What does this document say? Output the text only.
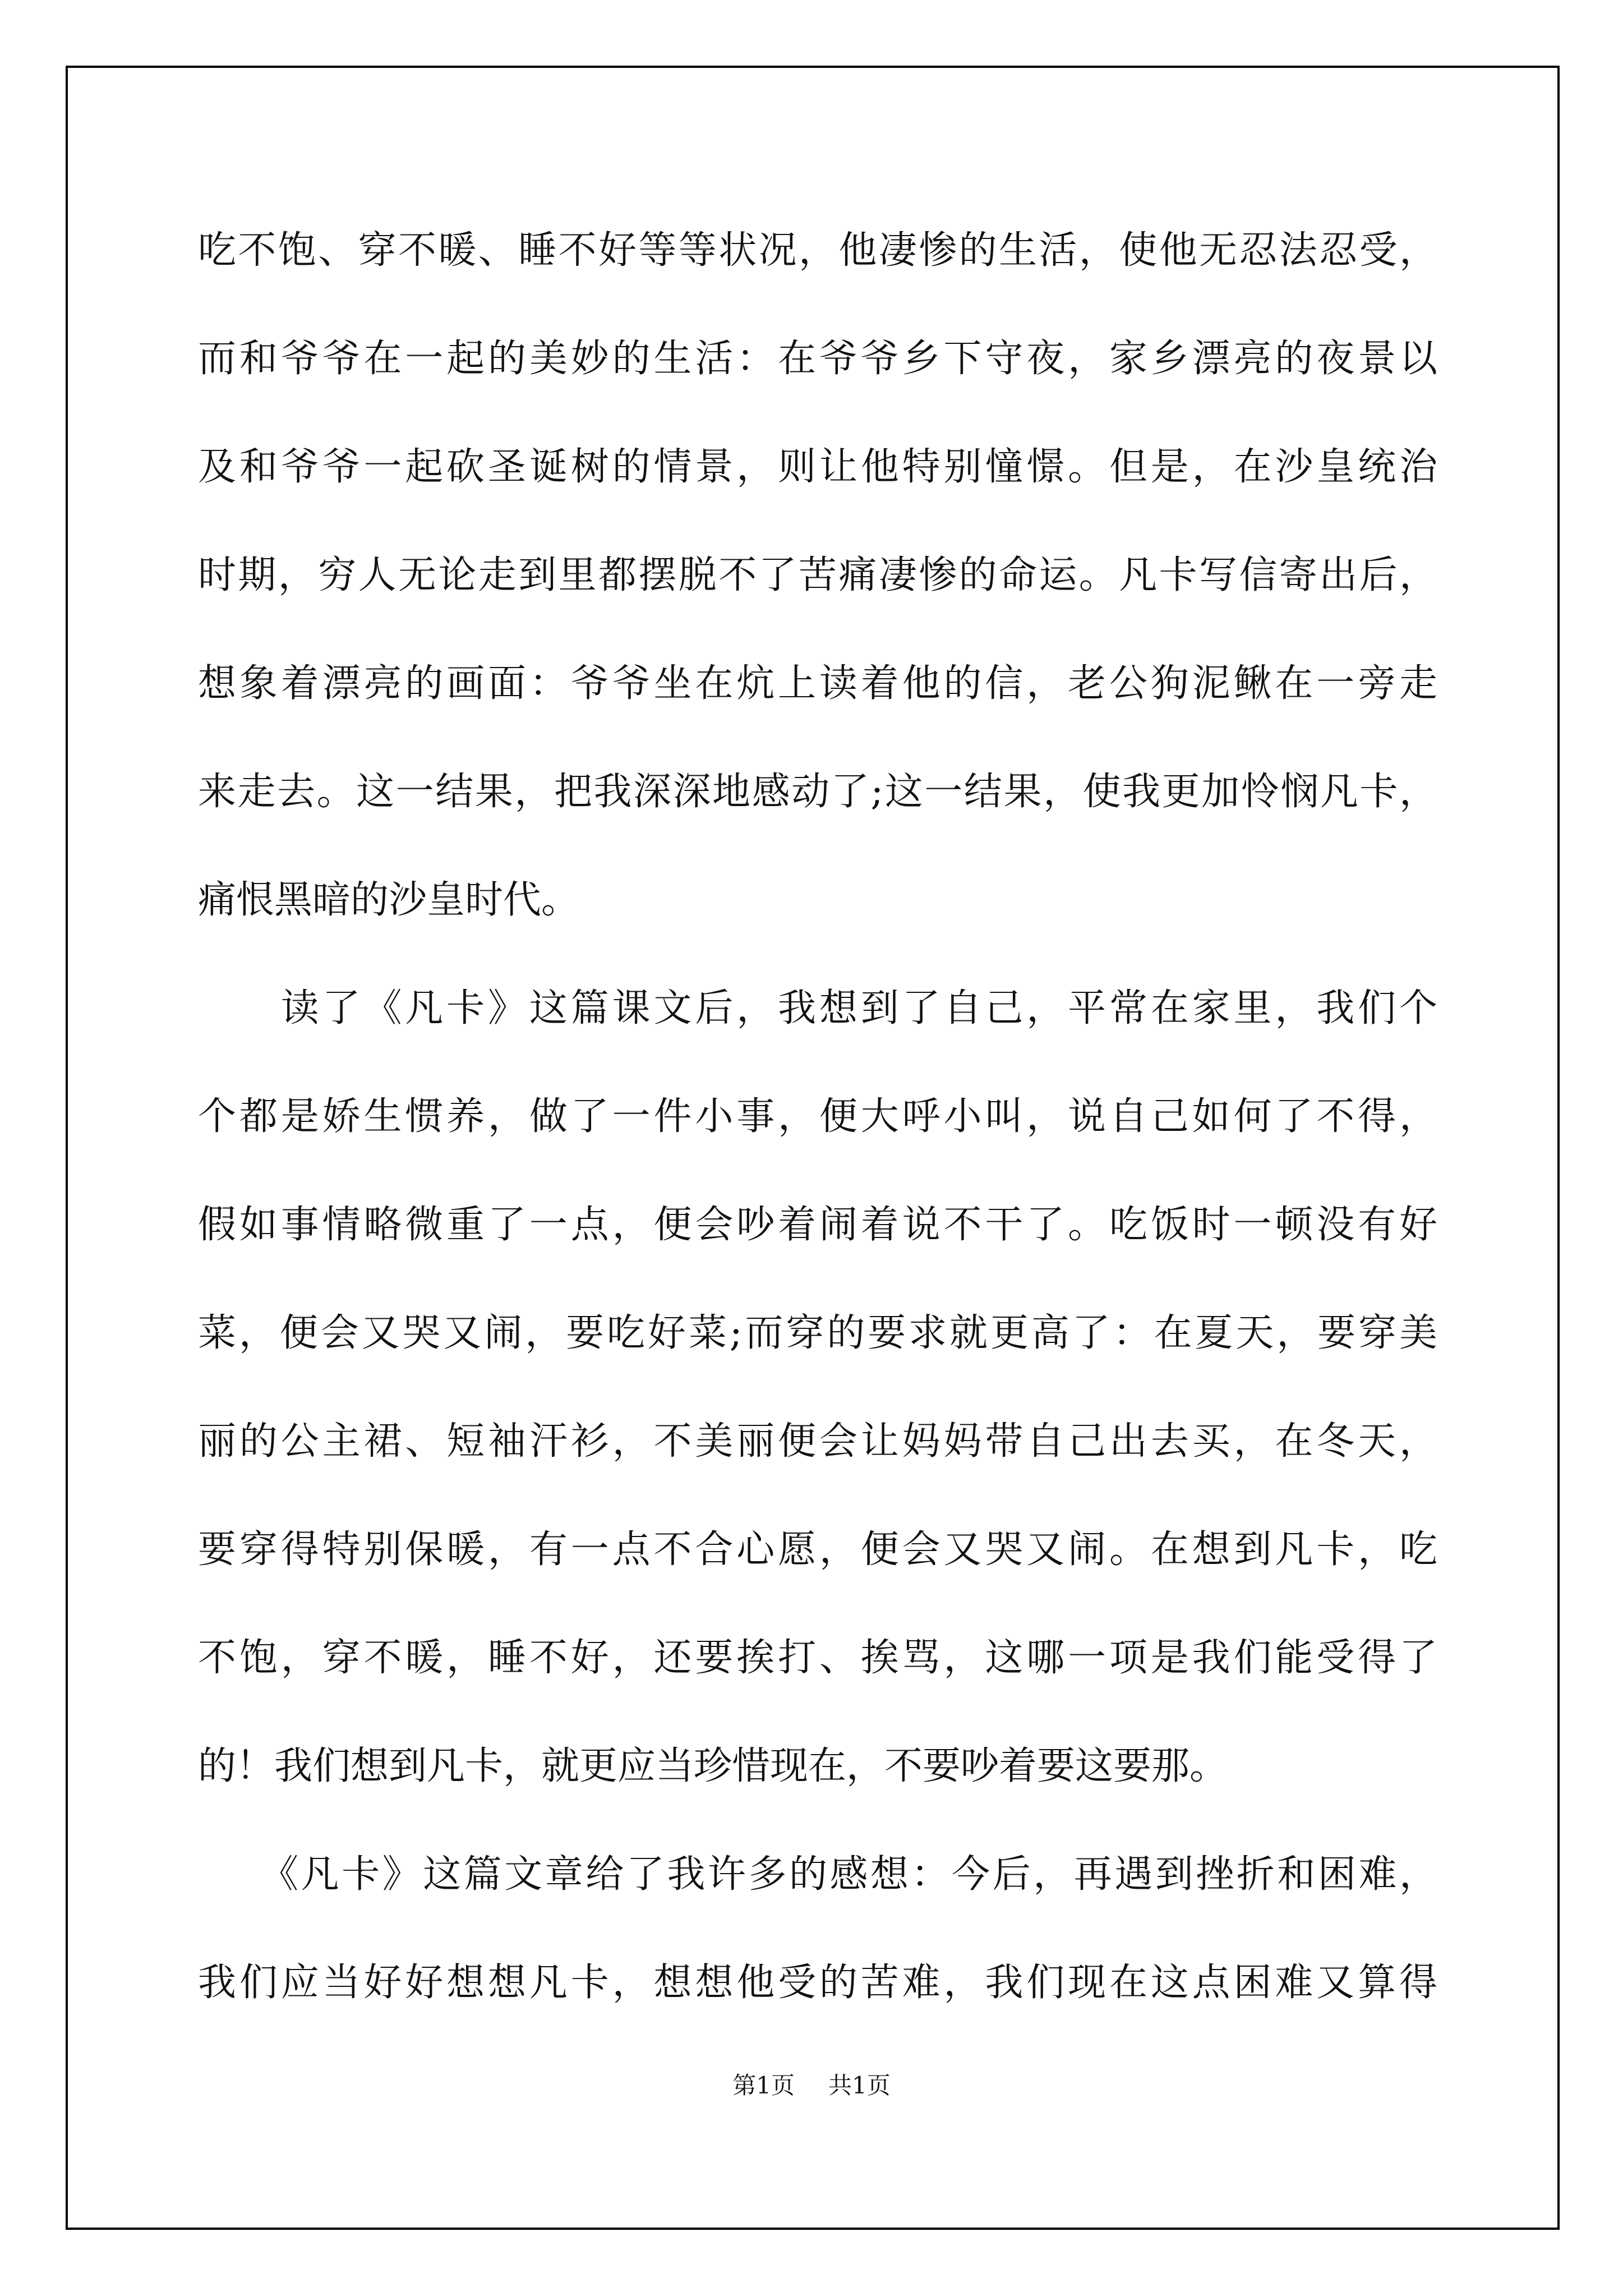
吃不饱、穿不暖、睡不好等等状况，他凄惨的生活，使他无忍法忍受，
而和爷爷在一起的美妙的生活：在爷爷乡下守夜，家乡漂亮的夜景以
及和爷爷一起砍圣诞树的情景，则让他特别憧憬。但是，在沙皇统治
时期，穷人无论走到里都摆脱不了苦痛凄惨的命运。凡卡写信寄出后，
想象着漂亮的画面：爷爷坐在炕上读着他的信，老公狗泥鳅在一旁走
来走去。这一结果，把我深深地感动了;这一结果，使我更加怜悯凡卡，
痛恨黑暗的沙皇时代。
　　读了《凡卡》这篇课文后，我想到了自己，平常在家里，我们个
个都是娇生惯养，做了一件小事，便大呼小叫，说自己如何了不得，
假如事情略微重了一点，便会吵着闹着说不干了。吃饭时一顿没有好
菜，便会又哭又闹，要吃好菜;而穿的要求就更高了：在夏天，要穿美
丽的公主裙、短袖汗衫，不美丽便会让妈妈带自己出去买，在冬天，
要穿得特别保暖，有一点不合心愿，便会又哭又闹。在想到凡卡，吃
不饱，穿不暖，睡不好，还要挨打、挨骂，这哪一项是我们能受得了
的！我们想到凡卡，就更应当珍惜现在，不要吵着要这要那。
　　《凡卡》这篇文章给了我许多的感想：今后，再遇到挫折和困难，
我们应当好好想想凡卡，想想他受的苦难，我们现在这点困难又算得
第1页 共1页
